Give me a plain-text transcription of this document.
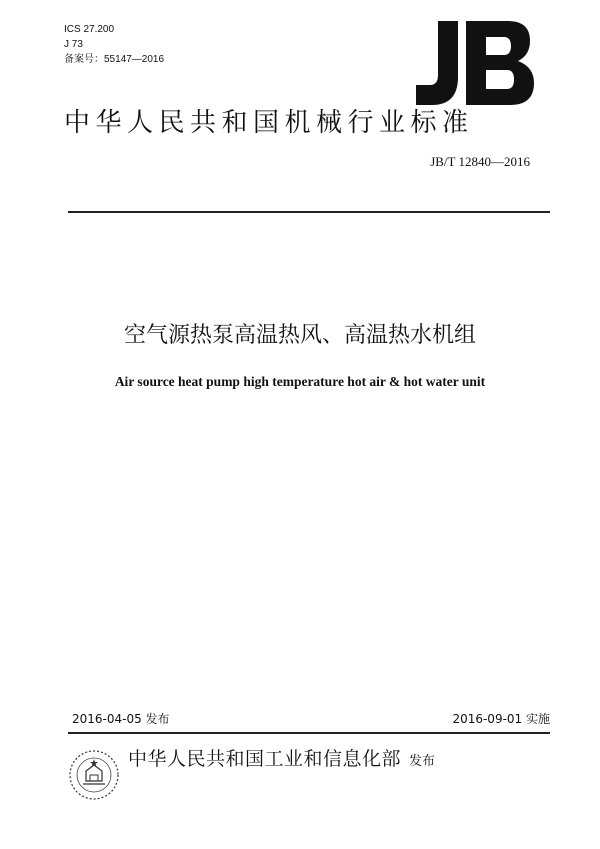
ICS 27.200
J 73
备案号：55147—2016
中华人民共和国机械行业标准
JB/T 12840—2016
空气源热泵高温热风、高温热水机组
Air source heat pump high temperature hot air & hot water unit
2016-04-05 发布	2016-09-01 实施
中华人民共和国工业和信息化部 发布
